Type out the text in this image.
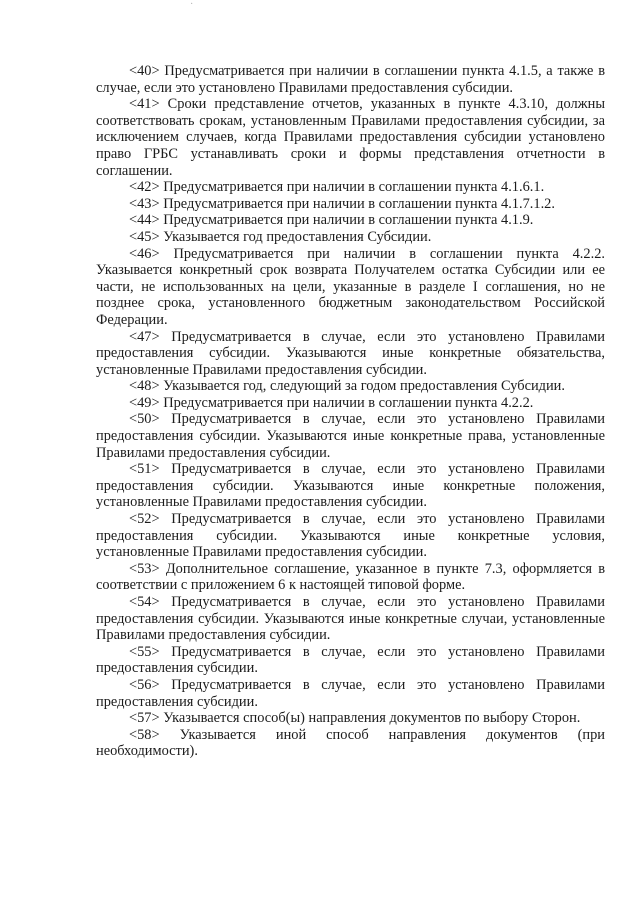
·

<40> Предусматривается при наличии в соглашении пункта 4.1.5, а также в случае, если это установлено Правилами предоставления субсидии.

<41> Сроки представление отчетов, указанных в пункте 4.3.10, должны соответствовать срокам, установленным Правилами предоставления субсидии, за исключением случаев, когда Правилами предоставления субсидии установлено право ГРБС устанавливать сроки и формы представления отчетности в соглашении.

<42> Предусматривается при наличии в соглашении пункта 4.1.6.1.

<43> Предусматривается при наличии в соглашении пункта 4.1.7.1.2.

<44> Предусматривается при наличии в соглашении пункта 4.1.9.

<45> Указывается год предоставления Субсидии.

<46> Предусматривается при наличии в соглашении пункта 4.2.2. Указывается конкретный срок возврата Получателем остатка Субсидии или ее части, не использованных на цели, указанные в разделе I соглашения, но не позднее срока, установленного бюджетным законодательством Российской Федерации.

<47> Предусматривается в случае, если это установлено Правилами предоставления субсидии. Указываются иные конкретные обязательства, установленные Правилами предоставления субсидии.

<48> Указывается год, следующий за годом предоставления Субсидии.

<49> Предусматривается при наличии в соглашении пункта 4.2.2.

<50> Предусматривается в случае, если это установлено Правилами предоставления субсидии. Указываются иные конкретные права, установленные Правилами предоставления субсидии.

<51> Предусматривается в случае, если это установлено Правилами предоставления субсидии. Указываются иные конкретные положения, установленные Правилами предоставления субсидии.

<52> Предусматривается в случае, если это установлено Правилами предоставления субсидии. Указываются иные конкретные условия, установленные Правилами предоставления субсидии.

<53> Дополнительное соглашение, указанное в пункте 7.3, оформляется в соответствии с приложением 6 к настоящей типовой форме.

<54> Предусматривается в случае, если это установлено Правилами предоставления субсидии. Указываются иные конкретные случаи, установленные Правилами предоставления субсидии.

<55> Предусматривается в случае, если это установлено Правилами предоставления субсидии.

<56> Предусматривается в случае, если это установлено Правилами предоставления субсидии.

<57> Указывается способ(ы) направления документов по выбору Сторон.

<58> Указывается иной способ направления документов (при необходимости).
